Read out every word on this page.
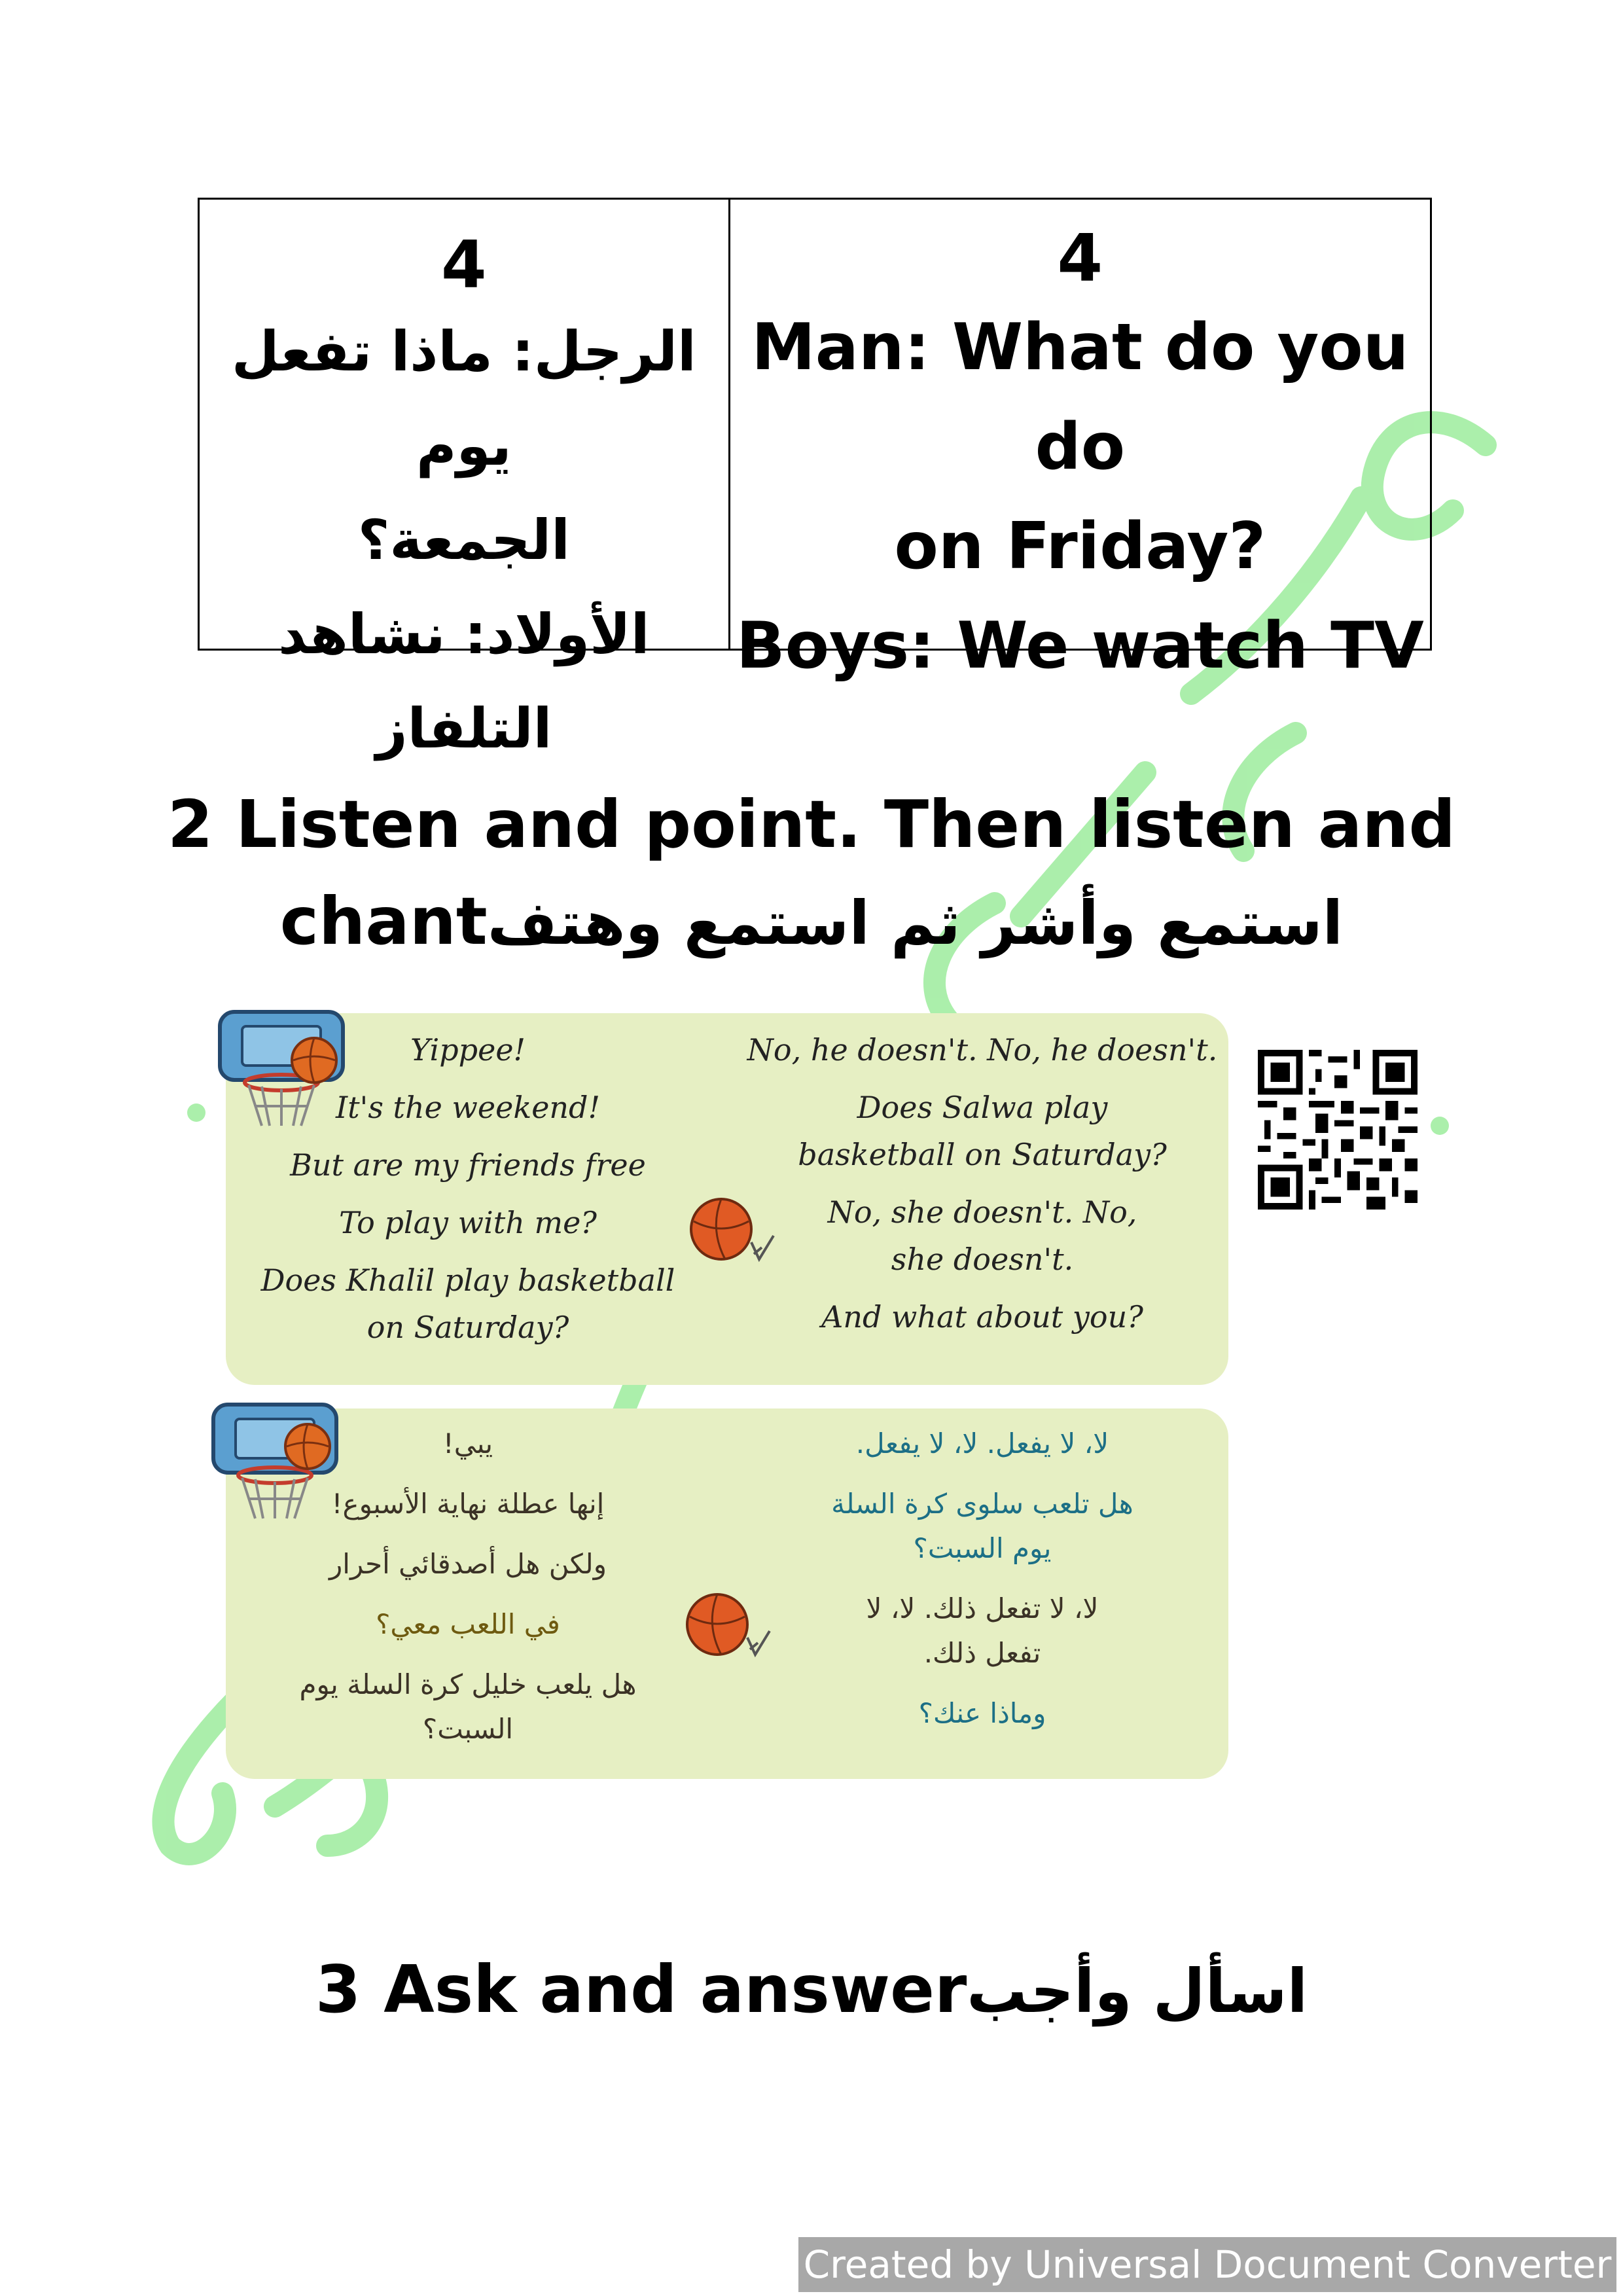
4
الرجل: ماذا تفعل يوم
الجمعة؟
الأولاد: نشاهد التلفاز
4
Man: What do you do
on Friday?
Boys: We watch TV
2 Listen and point. Then listen and
chantاستمع وأشر ثم استمع وهتف

Yippee!

It's the weekend!

But are my friends free

To play with me?

Does Khalil play basketball on Saturday?

No, he doesn't. No, he doesn't.

Does Salwa play basketball on Saturday?

No, she doesn't. No, she doesn't.

And what about you?

يبي!

إنها عطلة نهاية الأسبوع!

ولكن هل أصدقائي أحرار

في اللعب معي؟

هل يلعب خليل كرة السلة يوم السبت؟

لا، لا يفعل. لا، لا يفعل.

هل تلعب سلوى كرة السلة يوم السبت؟

لا، لا تفعل ذلك. لا، لا تفعل ذلك.

وماذا عنك؟

3 Ask and answerاسأل وأجب
Created by Universal Document Converter
